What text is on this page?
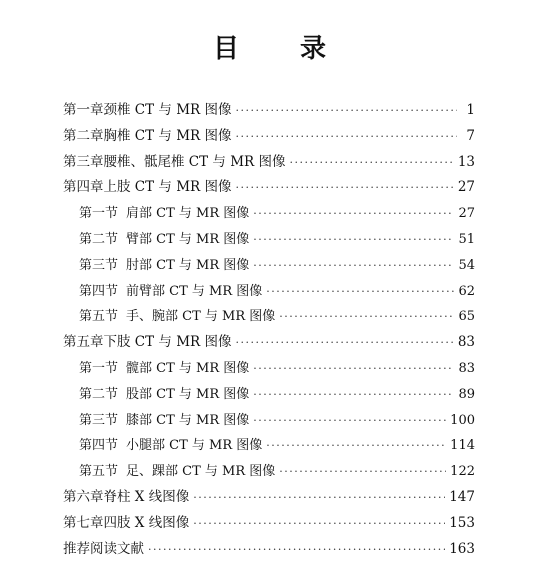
目 录
第一章 颈椎 CT 与 MR 图像 ·····	1
第二章 胸椎 CT 与 MR 图像 ·····	7
第三章 腰椎、骶尾椎 CT 与 MR 图像 ·····	13
第四章 上肢 CT 与 MR 图像 ·····	27
第一节 肩部 CT 与 MR 图像 ·····	27
第二节 臂部 CT 与 MR 图像 ·····	51
第三节 肘部 CT 与 MR 图像 ·····	54
第四节 前臂部 CT 与 MR 图像 ·····	62
第五节 手、腕部 CT 与 MR 图像 ·····	65
第五章 下肢 CT 与 MR 图像 ·····	83
第一节 髋部 CT 与 MR 图像 ·····	83
第二节 股部 CT 与 MR 图像 ·····	89
第三节 膝部 CT 与 MR 图像 ·····	100
第四节 小腿部 CT 与 MR 图像 ·····	114
第五节 足、踝部 CT 与 MR 图像 ·····	122
第六章 脊柱 X 线图像 ·····	147
第七章 四肢 X 线图像 ·····	153
推荐阅读文献 ·····	163
